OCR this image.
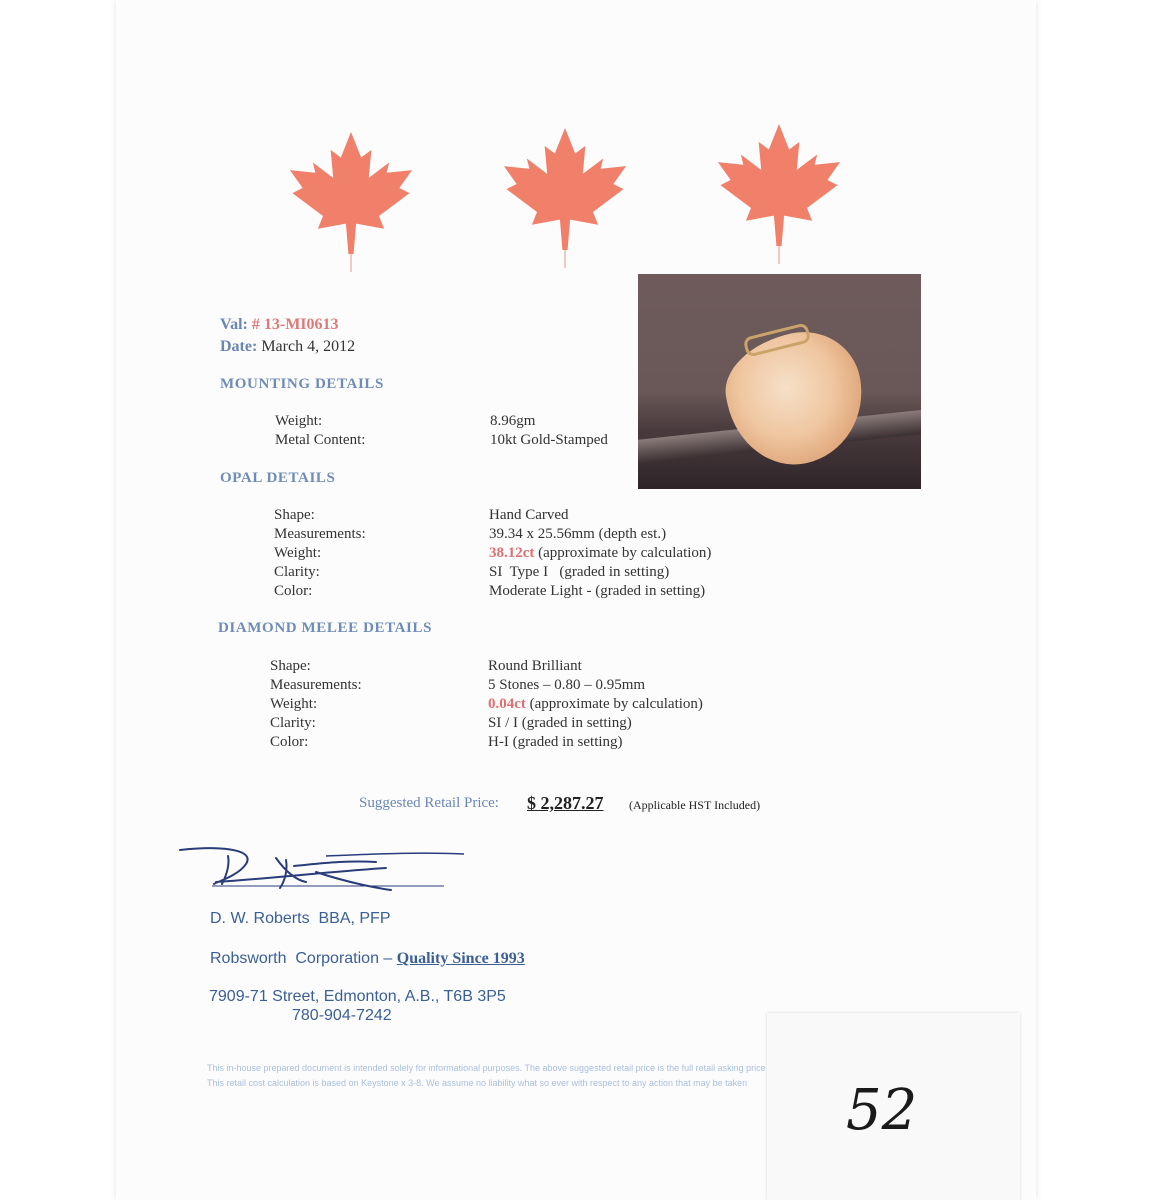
Val: # 13-MI0613
Date: March 4, 2012
MOUNTING DETAILS
Weight:	8.96gm
Metal Content:	10kt Gold-Stamped
OPAL DETAILS
Shape:	Hand Carved
Measurements:	39.34 x 25.56mm (depth est.)
Weight:	38.12ct (approximate by calculation)
Clarity:	SI  Type I   (graded in setting)
Color:	Moderate Light - (graded in setting)
DIAMOND MELEE DETAILS
Shape:	Round Brilliant
Measurements:	5 Stones – 0.80 – 0.95mm
Weight:	0.04ct (approximate by calculation)
Clarity:	SI / I (graded in setting)
Color:	H-I (graded in setting)
Suggested Retail Price: $ 2,287.27 (Applicable HST Included)
D. W. Roberts  BBA, PFP
Robsworth  Corporation – Quality Since 1993
7909-71 Street, Edmonton, A.B., T6B 3P5
780-904-7242
This in-house prepared document is intended solely for informational purposes. The above suggested retail price is the full retail asking price
This retail cost calculation is based on Keystone x 3-8. We assume no liability what so ever with respect to any action that may be taken	52
